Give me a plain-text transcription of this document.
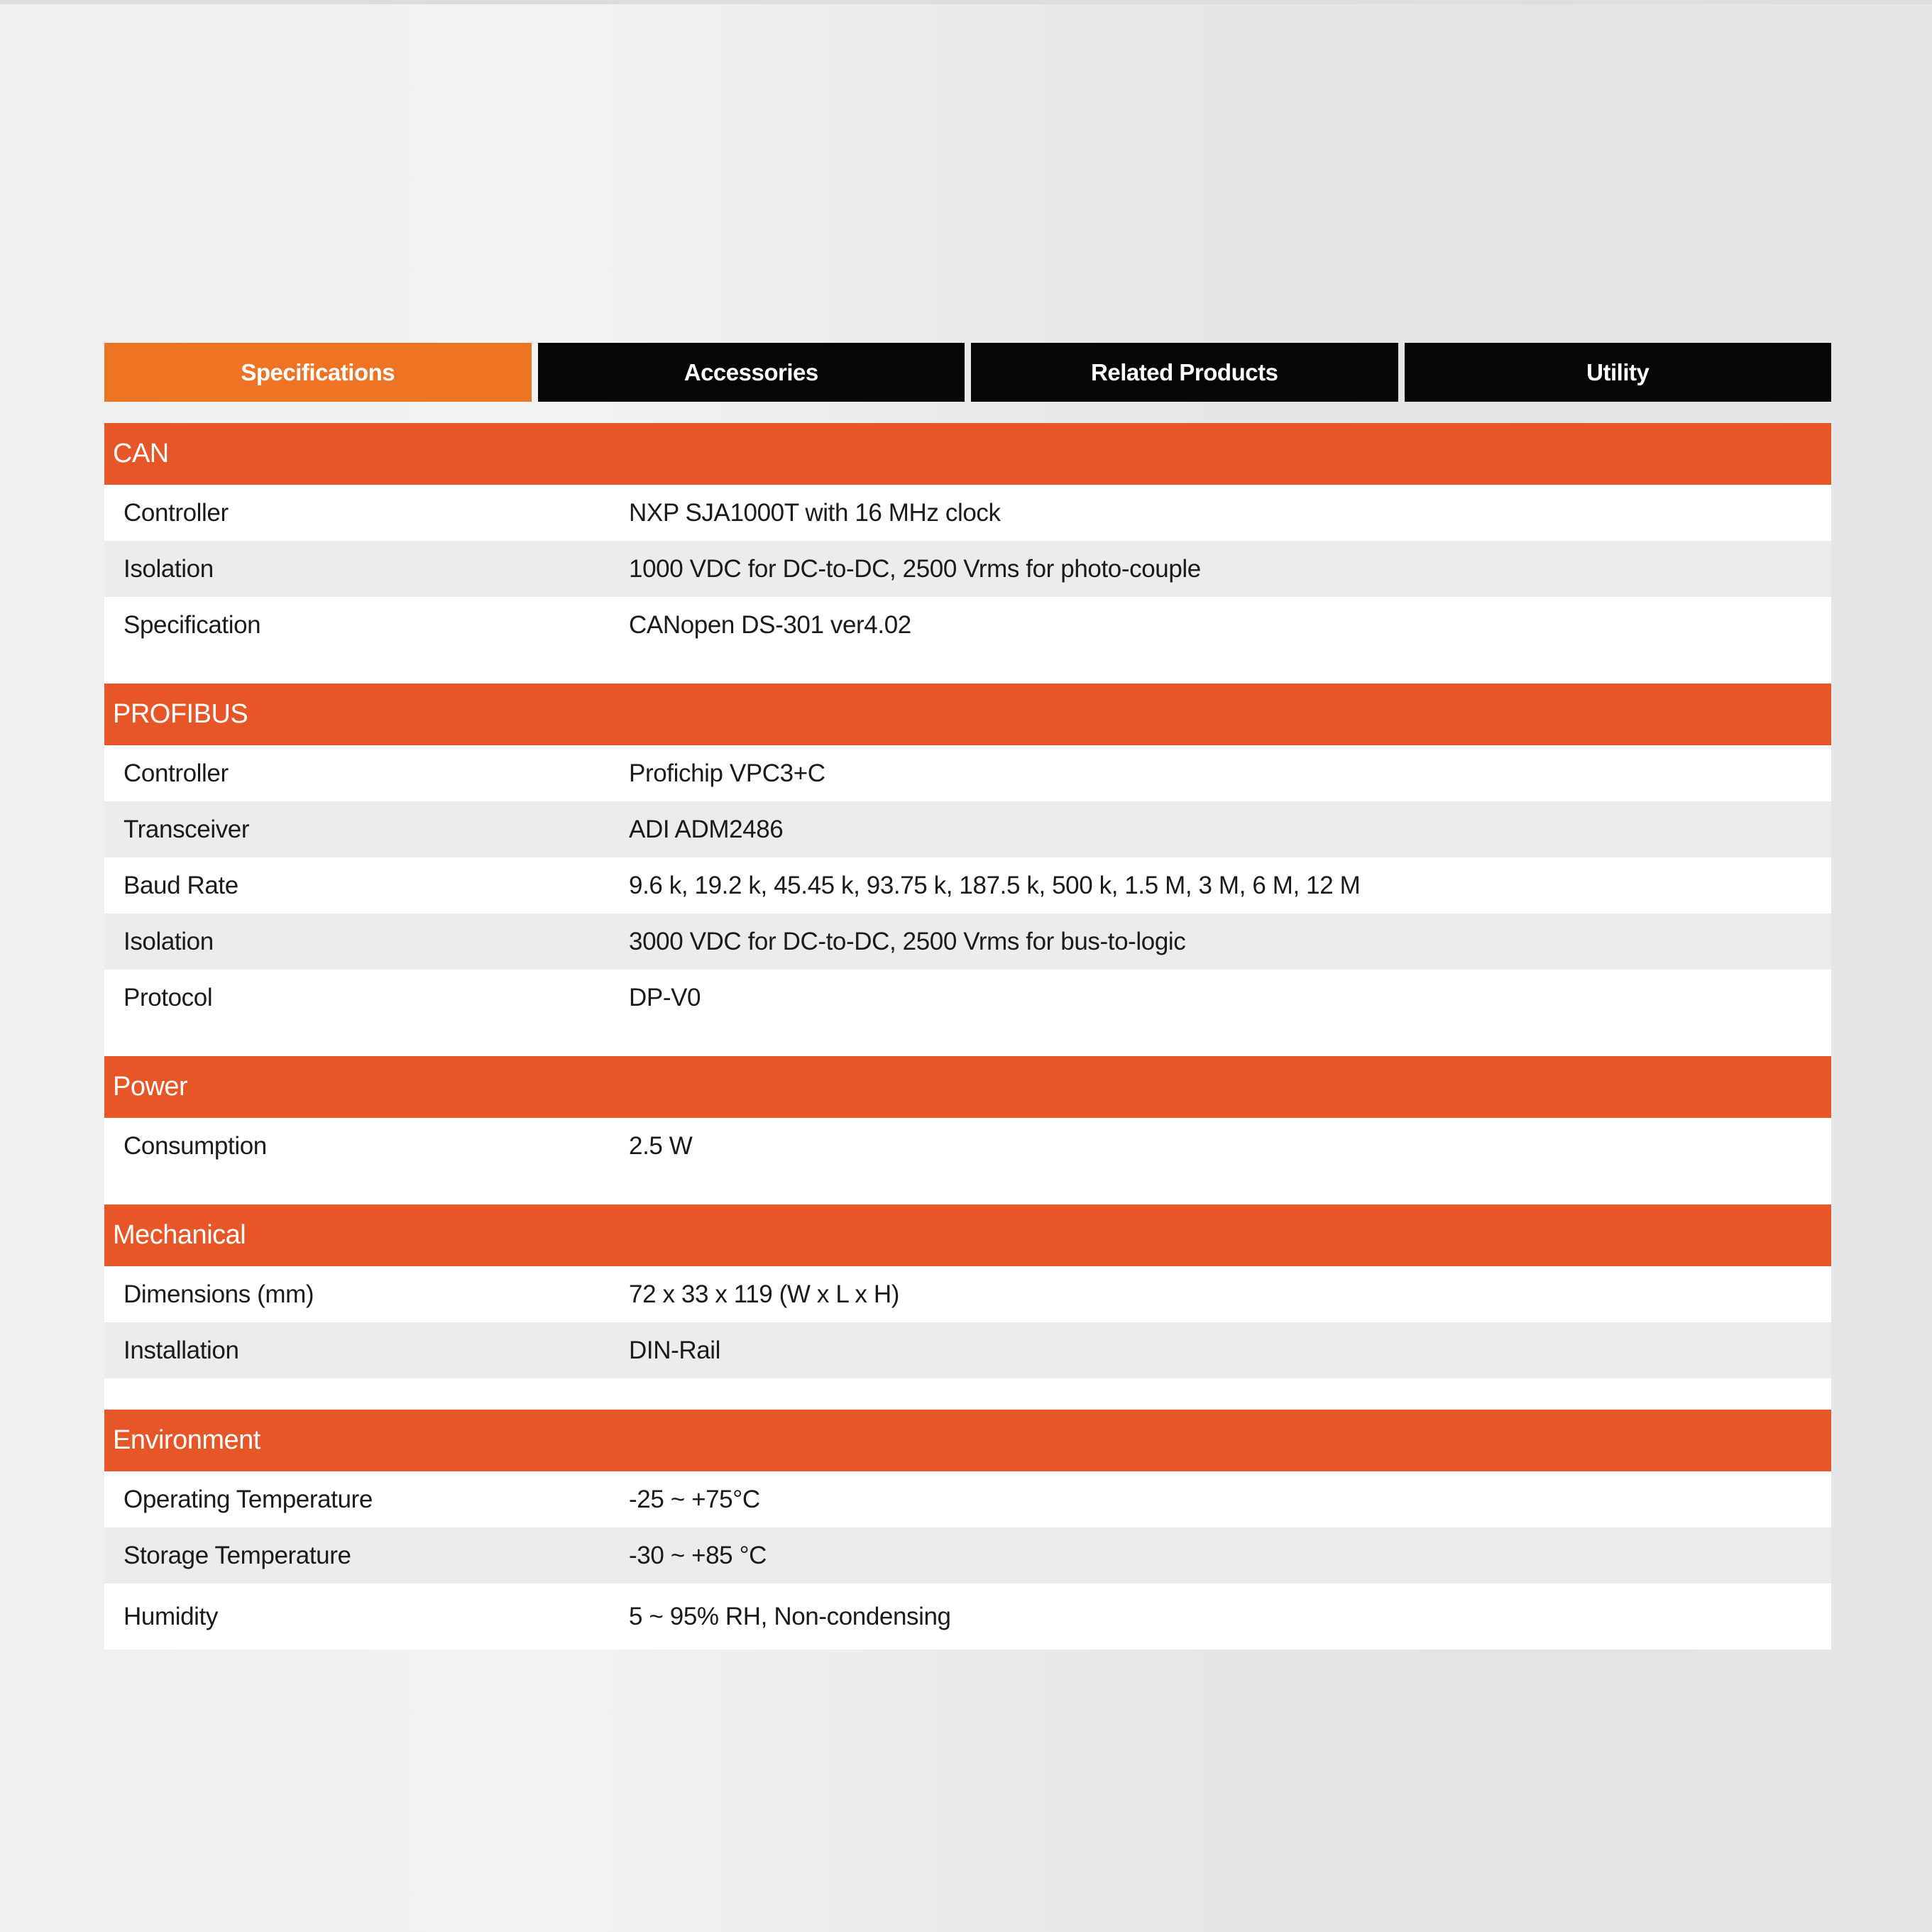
Specifications	Accessories	Related Products	Utility
CAN
Controller	NXP SJA1000T with 16 MHz clock
Isolation	1000 VDC for DC-to-DC, 2500 Vrms for photo-couple
Specification	CANopen DS-301 ver4.02
PROFIBUS
Controller	Profichip VPC3+C
Transceiver	ADI ADM2486
Baud Rate	9.6 k, 19.2 k, 45.45 k, 93.75 k, 187.5 k, 500 k, 1.5 M, 3 M, 6 M, 12 M
Isolation	3000 VDC for DC-to-DC, 2500 Vrms for bus-to-logic
Protocol	DP-V0
Power
Consumption	2.5 W
Mechanical
Dimensions (mm)	72 x 33 x 119 (W x L x H)
Installation	DIN-Rail
Environment
Operating Temperature	-25 ~ +75°C
Storage Temperature	-30 ~ +85 °C
Humidity	5 ~ 95% RH, Non-condensing
